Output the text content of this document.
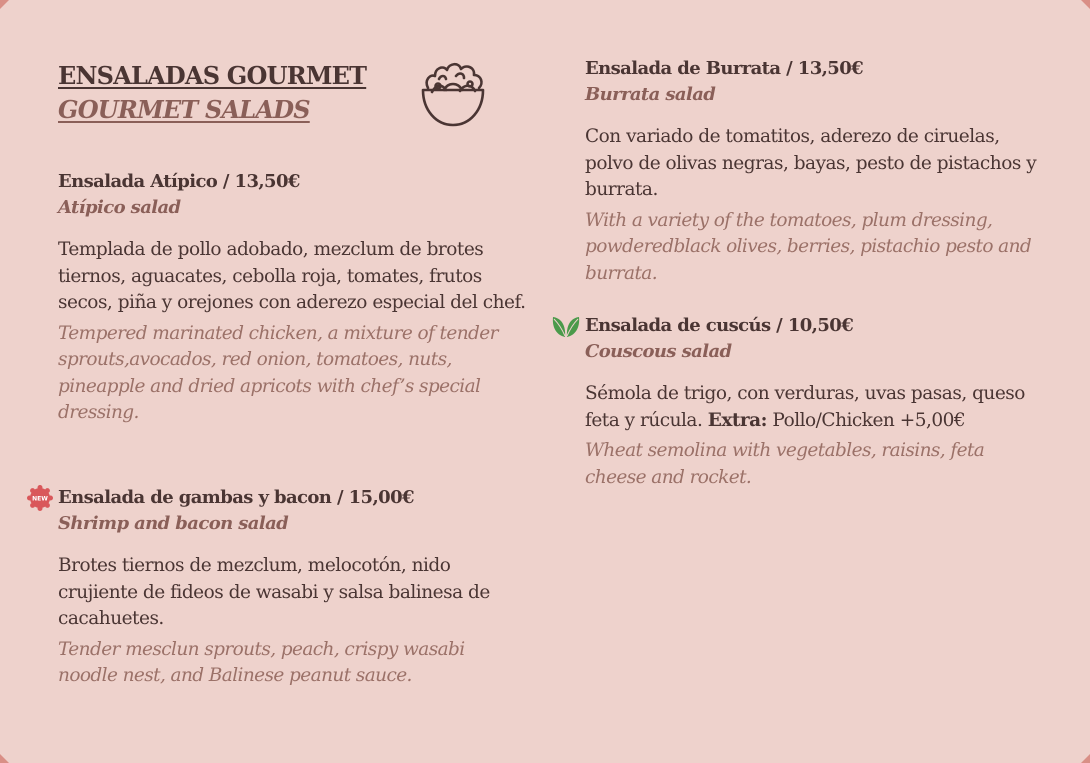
ENSALADAS GOURMET
GOURMET SALADS
Ensalada Atípico / 13,50€
Atípico salad
Templada de pollo adobado, mezclum de brotes tiernos, aguacates, cebolla roja, tomates, frutos secos, piña y orejones con aderezo especial del chef.
Tempered marinated chicken, a mixture of tender sprouts,avocados, red onion, tomatoes, nuts, pineapple and dried apricots with chef’s special dressing.
NEW Ensalada de gambas y bacon / 15,00€
Shrimp and bacon salad
Brotes tiernos de mezclum, melocotón, nido crujiente de fideos de wasabi y salsa balinesa de cacahuetes.
Tender mesclun sprouts, peach, crispy wasabi noodle nest, and Balinese peanut sauce.
Ensalada de Burrata / 13,50€
Burrata salad
Con variado de tomatitos, aderezo de ciruelas, polvo de olivas negras, bayas, pesto de pistachos y burrata.
With a variety of the tomatoes, plum dressing, powderedblack olives, berries, pistachio pesto and burrata.
Ensalada de cuscús / 10,50€
Couscous salad
Sémola de trigo, con verduras, uvas pasas, queso feta y rúcula. Extra: Pollo/Chicken +5,00€
Wheat semolina with vegetables, raisins, feta cheese and rocket.
